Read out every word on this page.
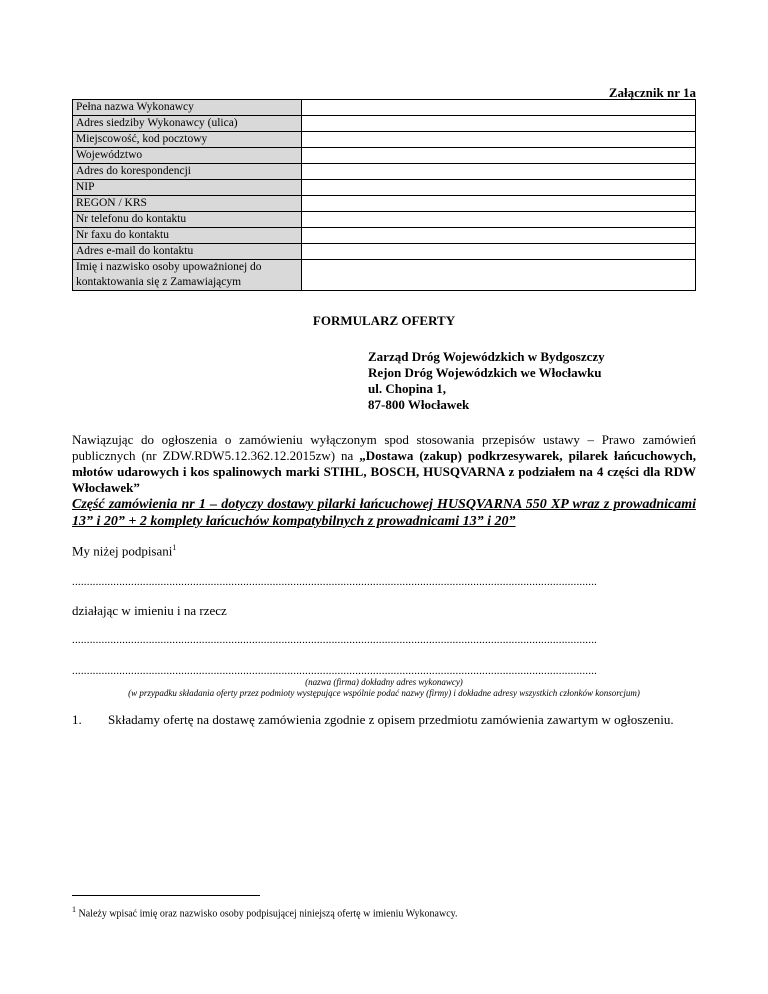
Załącznik nr 1a
Pełna nazwa Wykonawcy	
Adres siedziby Wykonawcy (ulica)	
Miejscowość, kod pocztowy	
Województwo	
Adres do korespondencji	
NIP	
REGON / KRS	
Nr telefonu do kontaktu	
Nr faxu do kontaktu	
Adres e-mail do kontaktu	
Imię i nazwisko osoby upoważnionej do kontaktowania się z Zamawiającym	
FORMULARZ OFERTY
Zarząd Dróg Wojewódzkich w Bydgoszczy
Rejon Dróg Wojewódzkich we Włocławku
ul. Chopina 1,
87-800 Włocławek
Nawiązując do ogłoszenia o zamówieniu wyłączonym spod stosowania przepisów ustawy – Prawo zamówień publicznych (nr ZDW.RDW5.12.362.12.2015zw) na „Dostawa (zakup) podkrzesywarek, pilarek łańcuchowych, młotów udarowych i kos spalinowych marki STIHL, BOSCH, HUSQVARNA z podziałem na 4 części dla RDW Włocławek”
Część zamówienia nr 1 – dotyczy dostawy pilarki łańcuchowej HUSQVARNA 550 XP wraz z prowadnicami 13” i 20” + 2 komplety łańcuchów kompatybilnych z prowadnicami 13” i 20”
My niżej podpisani$^1$
..................................................................................................................................................................................
działając w imieniu i na rzecz
..................................................................................................................................................................................
..................................................................................................................................................................................
(nazwa (firma) dokładny adres wykonawcy)
(w przypadku składania oferty przez podmioty występujące wspólnie podać nazwy (firmy) i dokładne adresy wszystkich członków konsorcjum)
1. Składamy ofertę na dostawę zamówienia zgodnie z opisem przedmiotu zamówienia zawartym w ogłoszeniu.
$^1$ Należy wpisać imię oraz nazwisko osoby podpisującej niniejszą ofertę w imieniu Wykonawcy.
